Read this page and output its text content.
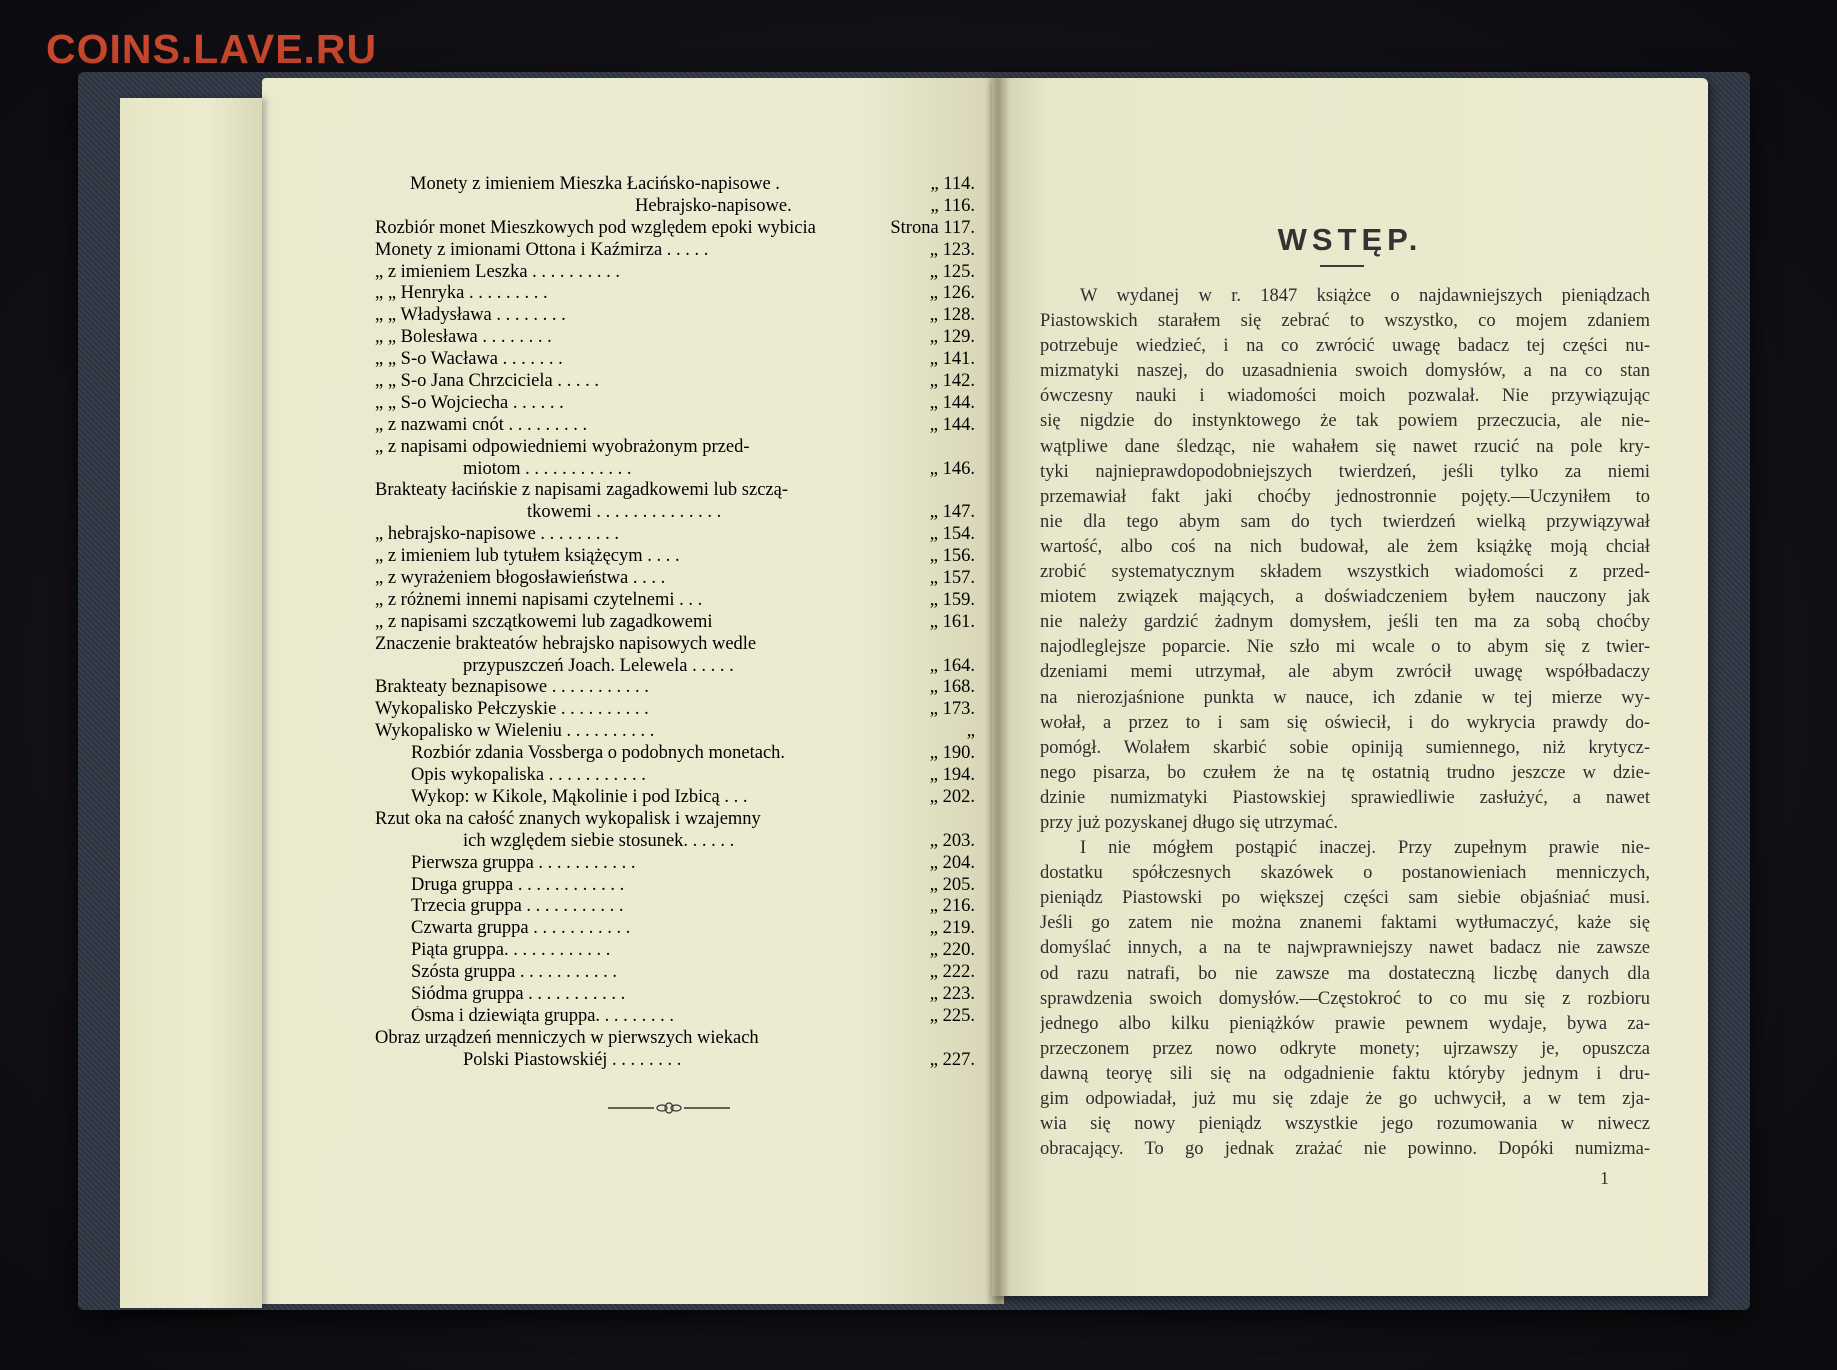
COINS.LAVE.RU
Monety z imieniem Mieszka Łacińsko-napisowe .	„ 114.
Hebrajsko-napisowe.	„ 116.
Rozbiór monet Mieszkowych pod względem epoki wybicia	Strona 117.
Monety z imionami Ottona i Kaźmirza . . . . .	„ 123.
„ z imieniem Leszka . . . . . . . . . .	„ 125.
„ „ Henryka . . . . . . . . .	„ 126.
„ „ Władysława . . . . . . . .	„ 128.
„ „ Bolesława . . . . . . . .	„ 129.
„ „ S-o Wacława . . . . . . .	„ 141.
„ „ S-o Jana Chrzciciela . . . . .	„ 142.
„ „ S-o Wojciecha . . . . . .	„ 144.
„ z nazwami cnót . . . . . . . . .	„ 144.
„ z napisami odpowiedniemi wyobrażonym przed-
miotom . . . . . . . . . . . .	„ 146.
Brakteaty łacińskie z napisami zagadkowemi lub szczą-
tkowemi . . . . . . . . . . . . . .	„ 147.
„ hebrajsko-napisowe . . . . . . . . .	„ 154.
„ z imieniem lub tytułem książęcym . . . .	„ 156.
„ z wyrażeniem błogosławieństwa . . . .	„ 157.
„ z różnemi innemi napisami czytelnemi . . .	„ 159.
„ z napisami szczątkowemi lub zagadkowemi	„ 161.
Znaczenie brakteatów hebrajsko napisowych wedle
przypuszczeń Joach. Lelewela . . . . .	„ 164.
Brakteaty beznapisowe . . . . . . . . . . .	„ 168.
Wykopalisko Pełczyskie . . . . . . . . . .	„ 173.
Wykopalisko w Wieleniu . . . . . . . . . .	„
Rozbiór zdania Vossberga o podobnych monetach.	„ 190.
Opis wykopaliska . . . . . . . . . . .	„ 194.
Wykop: w Kikole, Mąkolinie i pod Izbicą . . .	„ 202.
Rzut oka na całość znanych wykopalisk i wzajemny
ich względem siebie stosunek. . . . . .	„ 203.
Pierwsza gruppa . . . . . . . . . . .	„ 204.
Druga gruppa . . . . . . . . . . . .	„ 205.
Trzecia gruppa . . . . . . . . . . .	„ 216.
Czwarta gruppa . . . . . . . . . . .	„ 219.
Piąta gruppa. . . . . . . . . . . .	„ 220.
Szósta gruppa . . . . . . . . . . .	„ 222.
Siódma gruppa . . . . . . . . . . .	„ 223.
Ósma i dziewiąta gruppa. . . . . . . . .	„ 225.
Obraz urządzeń menniczych w pierwszych wiekach
Polski Piastowskiéj . . . . . . . .	„ 227.
WSTĘP.
W wydanej w r. 1847 książce o najdawniejszych pieniądzach
Piastowskich starałem się zebrać to wszystko, co mojem zdaniem
potrzebuje wiedzieć, i na co zwrócić uwagę badacz tej części nu-
mizmatyki naszej, do uzasadnienia swoich domysłów, a na co stan
ówczesny nauki i wiadomości moich pozwalał. Nie przywiązując
się nigdzie do instynktowego że tak powiem przeczucia, ale nie-
wątpliwe dane śledząc, nie wahałem się nawet rzucić na pole kry-
tyki najnieprawdopodobniejszych twierdzeń, jeśli tylko za niemi
przemawiał fakt jaki choćby jednostronnie pojęty.—Uczyniłem to
nie dla tego abym sam do tych twierdzeń wielką przywiązywał
wartość, albo coś na nich budował, ale żem książkę moją chciał
zrobić systematycznym składem wszystkich wiadomości z przed-
miotem związek mających, a doświadczeniem byłem nauczony jak
nie należy gardzić żadnym domysłem, jeśli ten ma za sobą choćby
najodleglejsze poparcie. Nie szło mi wcale o to abym się z twier-
dzeniami memi utrzymał, ale abym zwrócił uwagę współbadaczy
na nierozjaśnione punkta w nauce, ich zdanie w tej mierze wy-
wołał, a przez to i sam się oświecił, i do wykrycia prawdy do-
pomógł. Wolałem skarbić sobie opiniją sumiennego, niż krytycz-
nego pisarza, bo czułem że na tę ostatnią trudno jeszcze w dzie-
dzinie numizmatyki Piastowskiej sprawiedliwie zasłużyć, a nawet
przy już pozyskanej długo się utrzymać.
I nie mógłem postąpić inaczej. Przy zupełnym prawie nie-
dostatku spółczesnych skazówek o postanowieniach menniczych,
pieniądz Piastowski po większej części sam siebie objaśniać musi.
Jeśli go zatem nie można znanemi faktami wytłumaczyć, każe się
domyślać innych, a na te najwprawniejszy nawet badacz nie zawsze
od razu natrafi, bo nie zawsze ma dostateczną liczbę danych dla
sprawdzenia swoich domysłów.—Częstokroć to co mu się z rozbioru
jednego albo kilku pieniążków prawie pewnem wydaje, bywa za-
przeczonem przez nowo odkryte monety; ujrzawszy je, opuszcza
dawną teoryę sili się na odgadnienie faktu któryby jednym i dru-
gim odpowiadał, już mu się zdaje że go uchwycił, a w tem zja-
wia się nowy pieniądz wszystkie jego rozumowania w niwecz
obracający. To go jednak zrażać nie powinno. Dopóki numizma-
1
